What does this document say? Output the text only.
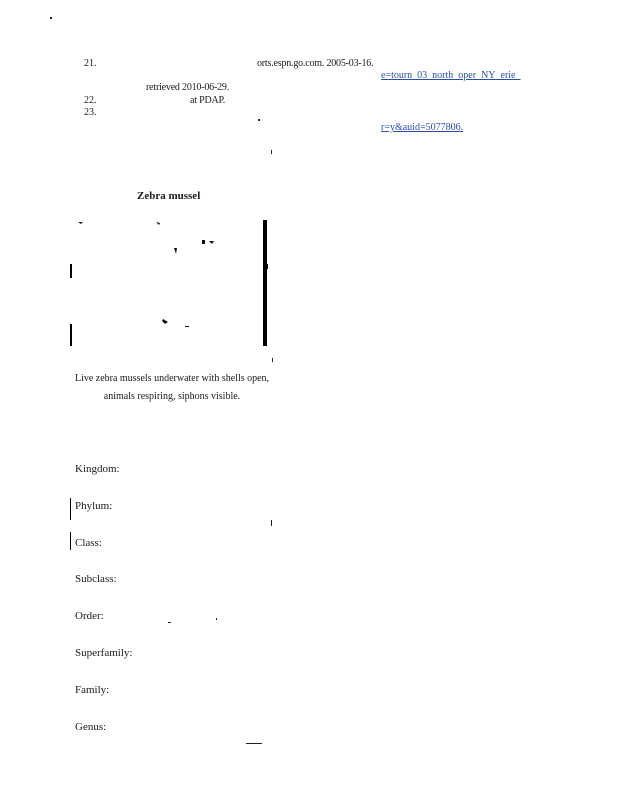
21.	orts.espn.go.com. 2005-03-16.
e=tourn_03_north_oper_NY_erie_
retrieved 2010-06-29.
22.	at PDAP.
23.
r=y&auid=5077806.
Zebra mussel
Live zebra mussels underwater with shells open, animals respiring, siphons visible.
Kingdom:
Phylum:
Class:
Subclass:
Order:
Superfamily:
Family:
Genus:
